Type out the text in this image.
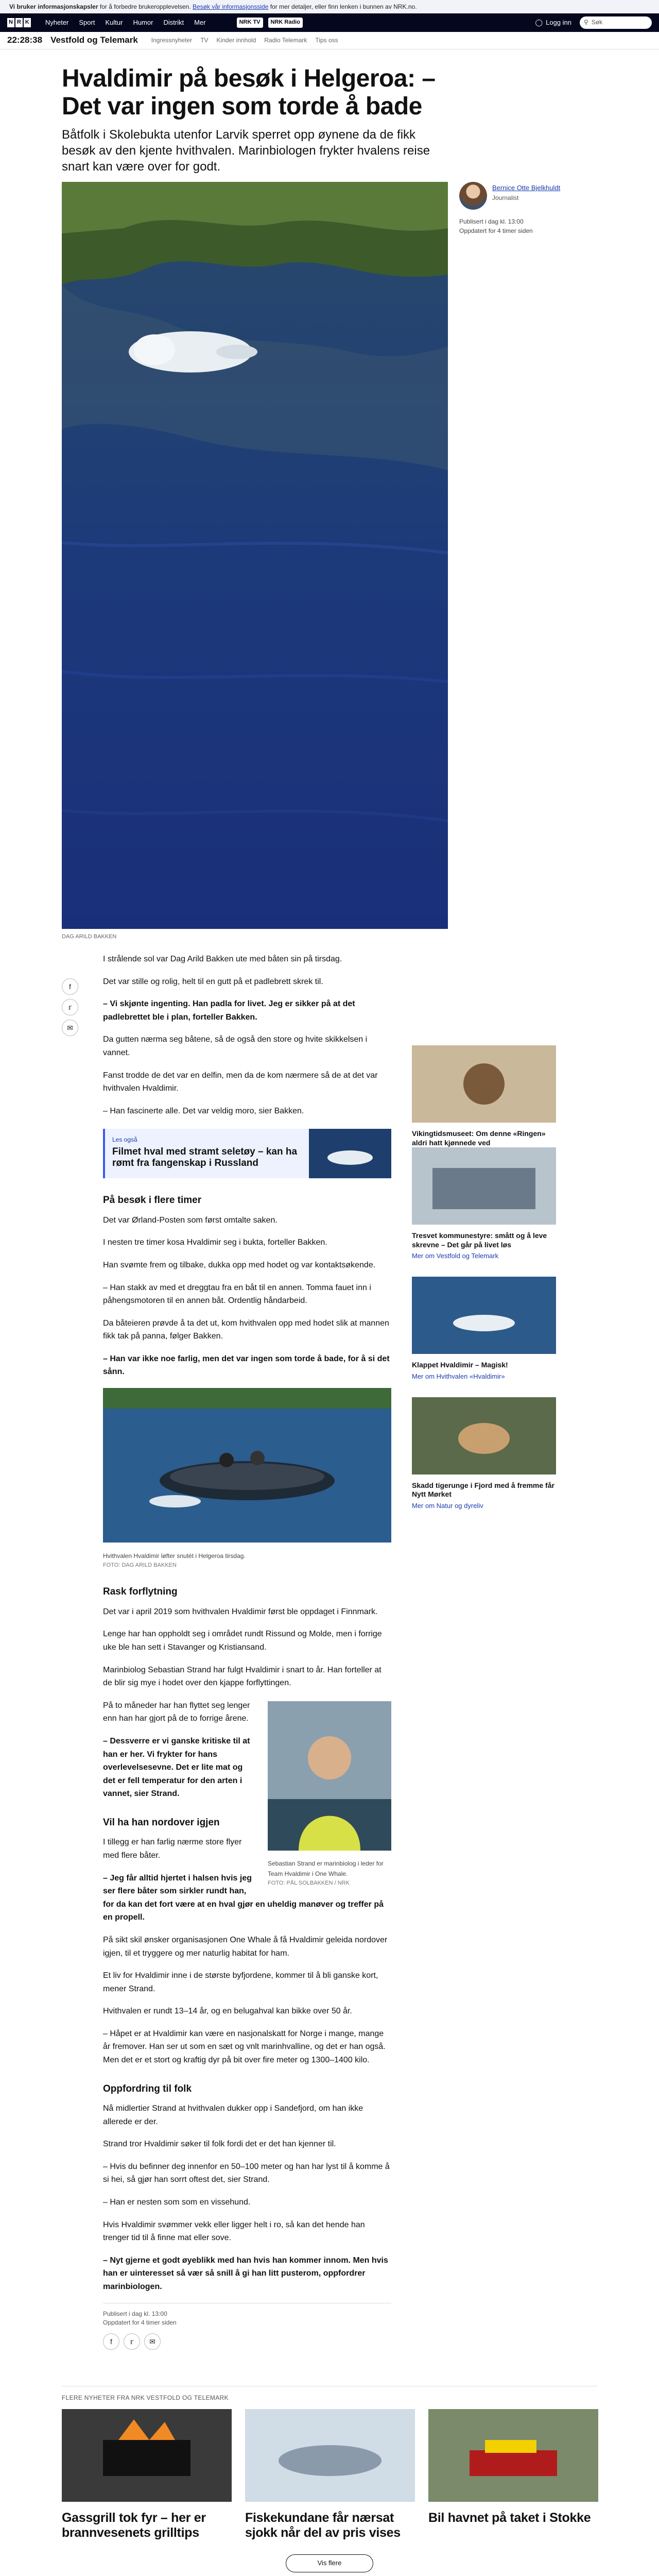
Vi bruker informasjonskapsler for å forbedre brukeropplevelsen. Besøk vår informasjonsside for mer detaljer, eller finn lenken i bunnen av NRK.no.
N R K Nyheter Sport Kultur Humor Distrikt Mer	NRK TV	NRK Radio	◯ Logg inn ⚲ Søk
22:28:38 Vestfold og Telemark Ingressnyheter TV Kinder innhold Radio Telemark Tips oss
Hvaldimir på besøk i Helgeroa: – Det var ingen som torde å bade

Båtfolk i Skolebukta utenfor Larvik sperret opp øynene da de fikk besøk av den kjente hvithvalen. Marinbiologen frykter hvalens reise snart kan være over for godt.

DAG ARILD BAKKEN
Bernice Otte Bjelkhuldt
Journalist
Publisert i dag kl. 13:00
Oppdatert for 4 timer siden
f
𝕣
✉

I strålende sol var Dag Arild Bakken ute med båten sin på tirsdag.

Det var stille og rolig, helt til en gutt på et padlebrett skrek til.

– Vi skjønte ingenting. Han padla for livet. Jeg er sikker på at det padlebrettet ble i plan, forteller Bakken.

Da gutten nærma seg båtene, så de også den store og hvite skikkelsen i vannet.

Fanst trodde de det var en delfin, men da de kom nærmere så de at det var hvithvalen Hvaldimir.

– Han fascinerte alle. Det var veldig moro, sier Bakken.

Les også
Filmet hval med stramt seletøy – kan ha rømt fra fangenskap i Russland
På besøk i flere timer

Det var Ørland-Posten som først omtalte saken.

I nesten tre timer kosa Hvaldimir seg i bukta, forteller Bakken.

Han svømte frem og tilbake, dukka opp med hodet og var kontaktsøkende.

– Han stakk av med et dreggtau fra en båt til en annen. Tomma fauet inn i påhengsmotoren til en annen båt. Ordentlig håndarbeid.

Da båteieren prøvde å ta det ut, kom hvithvalen opp med hodet slik at mannen fikk tak på panna, følger Bakken.

– Han var ikke noe farlig, men det var ingen som torde å bade, for å si det sånn.

Hvithvalen Hvaldimir løfter snutét i Helgeroa tirsdag.
FOTO: DAG ARILD BAKKEN
Rask forflytning

Det var i april 2019 som hvithvalen Hvaldimir først ble oppdaget i Finnmark.

Lenge har han oppholdt seg i området rundt Rissund og Molde, men i forrige uke ble han sett i Stavanger og Kristiansand.

Marinbiolog Sebastian Strand har fulgt Hvaldimir i snart to år. Han forteller at de blir sig mye i hodet over den kjappe forflyttingen.

Sebastian Strand er marinbiolog i leder for Team Hvaldimir i One Whale.
FOTO: PÅL SOLBAKKEN / NRK

På to måneder har han flyttet seg lenger enn han har gjort på de to forrige årene.

– Dessverre er vi ganske kritiske til at han er her. Vi frykter for hans overlevelsesevne. Det er lite mat og det er fell temperatur for den arten i vannet, sier Strand.

Vil ha han nordover igjen

I tillegg er han farlig nærme store flyer med flere båter.

– Jeg får alltid hjertet i halsen hvis jeg ser flere båter som sirkler rundt han, for da kan det fort være at en hval gjør en uheldig manøver og treffer på en propell.

På sikt skil ønsker organisasjonen One Whale å få Hvaldimir geleida nordover igjen, til et tryggere og mer naturlig habitat for ham.

Et liv for Hvaldimir inne i de største byfjordene, kommer til å bli ganske kort, mener Strand.

Hvithvalen er rundt 13–14 år, og en belugahval kan bikke over 50 år.

– Håpet er at Hvaldimir kan være en nasjonalskatt for Norge i mange, mange år fremover. Han ser ut som en sæt og vnlt marinhvalline, og det er han også. Men det er et stort og kraftig dyr på bit over fire meter og 1300–1400 kilo.

Oppfordring til folk

Nå midlertier Strand at hvithvalen dukker opp i Sandefjord, om han ikke allerede er der.

Strand tror Hvaldimir søker til folk fordi det er det han kjenner til.

– Hvis du befinner deg innenfor en 50–100 meter og han har lyst til å komme å si hei, så gjør han sorrt oftest det, sier Strand.

– Han er nesten som som en vissehund.

Hvis Hvaldimir svømmer vekk eller ligger helt i ro, så kan det hende han trenger tid til å finne mat eller sove.

– Nyt gjerne et godt øyeblikk med han hvis han kommer innom. Men hvis han er uinteresset så vær så snill å gi han litt pusterom, oppfordrer marinbiologen.

Vikingtidsmuseet: Om denne «Ringen» aldri hatt kjønnede ved
Tresvet kommunestyre: smått og å leve skrevne – Det går på livet løs
Mer om Vestfold og Telemark
Klappet Hvaldimir – Magisk!
Mer om Hvithvalen «Hvaldimir»
Skadd tigerunge i Fjord med å fremme får Nytt Mørket
Mer om Natur og dyreliv
Publisert i dag kl. 13:00
Oppdatert for 4 timer siden
f	𝕣	✉
FLERE NYHETER FRA NRK VESTFOLD OG TELEMARK
Gassgrill tok fyr – her er brannvesenets grilltips
Fiskekundane får nærsat sjokk når del av pris vises
Bil havnet på taket i Stokke
Vis flere
